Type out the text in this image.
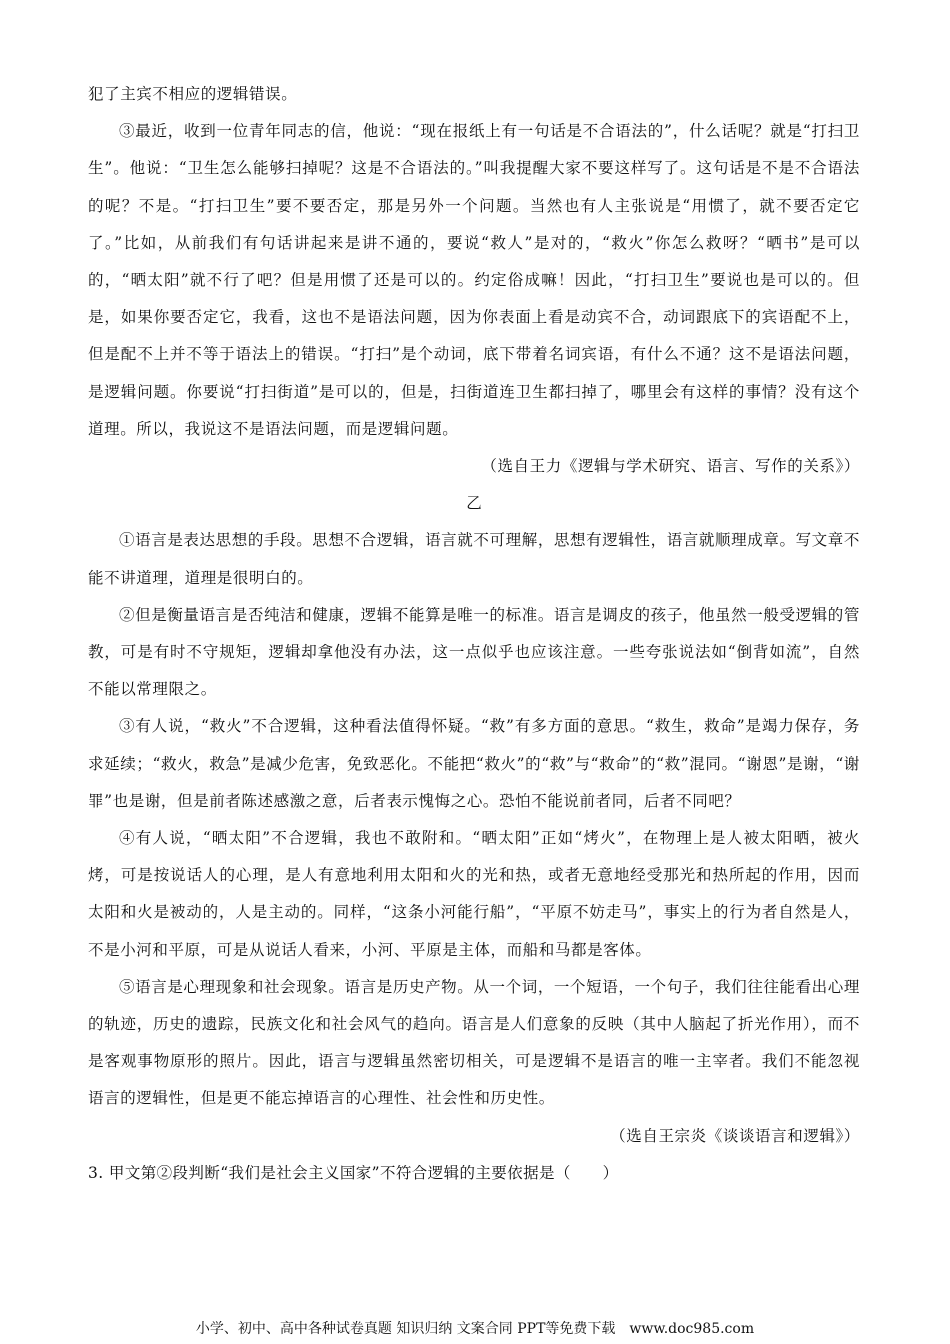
犯了主宾不相应的逻辑错误。

③最近，收到一位青年同志的信，他说：“现在报纸上有一句话是不合语法的”，什么话呢？就是“打扫卫生”。他说：“卫生怎么能够扫掉呢？这是不合语法的。”叫我提醒大家不要这样写了。这句话是不是不合语法的呢？不是。“打扫卫生”要不要否定，那是另外一个问题。当然也有人主张说是“用惯了，就不要否定它了。”比如，从前我们有句话讲起来是讲不通的，要说“救人”是对的，“救火”你怎么救呀？“晒书”是可以的，“晒太阳”就不行了吧？但是用惯了还是可以的。约定俗成嘛！因此，“打扫卫生”要说也是可以的。但是，如果你要否定它，我看，这也不是语法问题，因为你表面上看是动宾不合，动词跟底下的宾语配不上，但是配不上并不等于语法上的错误。“打扫”是个动词，底下带着名词宾语，有什么不通？这不是语法问题，是逻辑问题。你要说“打扫街道”是可以的，但是，扫街道连卫生都扫掉了，哪里会有这样的事情？没有这个道理。所以，我说这不是语法问题，而是逻辑问题。

（选自王力《逻辑与学术研究、语言、写作的关系》）
乙

①语言是表达思想的手段。思想不合逻辑，语言就不可理解，思想有逻辑性，语言就顺理成章。写文章不能不讲道理，道理是很明白的。

②但是衡量语言是否纯洁和健康，逻辑不能算是唯一的标准。语言是调皮的孩子，他虽然一般受逻辑的管教，可是有时不守规矩，逻辑却拿他没有办法，这一点似乎也应该注意。一些夸张说法如“倒背如流”，自然不能以常理限之。

③有人说，“救火”不合逻辑，这种看法值得怀疑。“救”有多方面的意思。“救生，救命”是竭力保存，务求延续；“救火，救急”是减少危害，免致恶化。不能把“救火”的“救”与“救命”的“救”混同。“谢恩”是谢，“谢罪”也是谢，但是前者陈述感激之意，后者表示愧悔之心。恐怕不能说前者同，后者不同吧？

④有人说，“晒太阳”不合逻辑，我也不敢附和。“晒太阳”正如“烤火”，在物理上是人被太阳晒，被火烤，可是按说话人的心理，是人有意地利用太阳和火的光和热，或者无意地经受那光和热所起的作用，因而太阳和火是被动的，人是主动的。同样，“这条小河能行船”，“平原不妨走马”，事实上的行为者自然是人，不是小河和平原，可是从说话人看来，小河、平原是主体，而船和马都是客体。

⑤语言是心理现象和社会现象。语言是历史产物。从一个词，一个短语，一个句子，我们往往能看出心理的轨迹，历史的遗踪，民族文化和社会风气的趋向。语言是人们意象的反映（其中人脑起了折光作用），而不是客观事物原形的照片。因此，语言与逻辑虽然密切相关，可是逻辑不是语言的唯一主宰者。我们不能忽视语言的逻辑性，但是更不能忘掉语言的心理性、社会性和历史性。

（选自王宗炎《谈谈语言和逻辑》）
3. 甲文第②段判断“我们是社会主义国家”不符合逻辑的主要依据是（　　）
小学、初中、高中各种试卷真题 知识归纳 文案合同 PPT等免费下载　www.doc985.com
